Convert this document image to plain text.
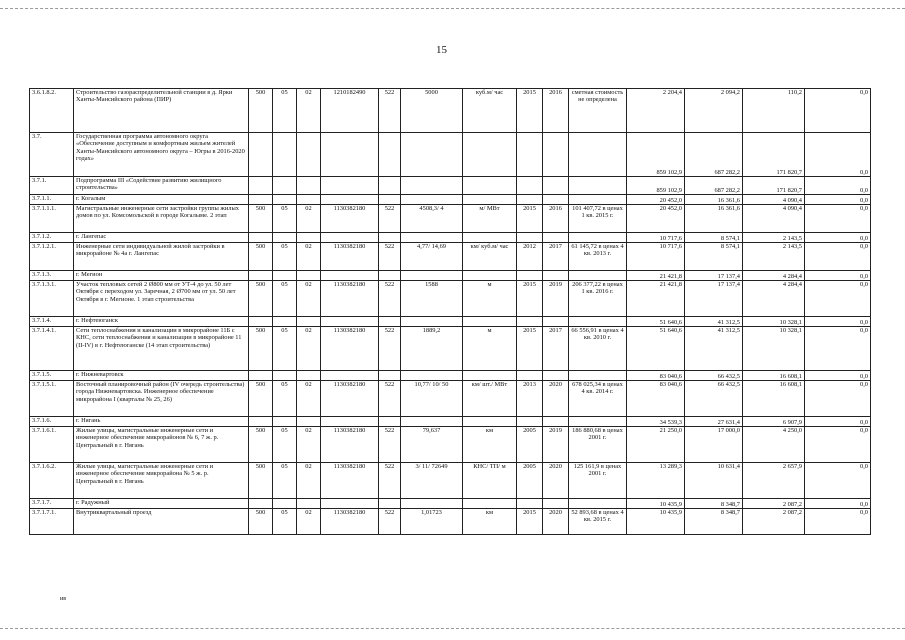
15
3.6.1.8.2.	Строительство газораспределительной станции в д. Ярки Ханты-Мансийского района (ПИР)	500	05	02	1210182490	522	5000	куб.м/ час	2015	2016	сметная стоимость не определена	2 204,4	2 094,2	110,2	0,0
3.7.	Государственная программа автономного округа «Обеспечение доступным и комфортным жильем жителей Ханты-Мансийского автономного округа – Югры в 2016-2020 годах»											859 102,9	687 282,2	171 820,7	0,0
3.7.1.	Подпрограмма III «Содействие развитию жилищного строительства»											859 102,9	687 282,2	171 820,7	0,0
3.7.1.1.	г. Когалым											20 452,0	16 361,6	4 090,4	0,0
3.7.1.1.1.	Магистральные инженерные сети застройки группы жилых домов по ул. Комсомольской в городе Когалыме. 2 этап	500	05	02	1130382180	522	4508,3/ 4	м/ МВт	2015	2016	101 407,72 в ценах 1 кв. 2015 г.	20 452,0	16 361,6	4 090,4	0,0
3.7.1.2.	г. Лангепас											10 717,6	8 574,1	2 143,5	0,0
3.7.1.2.1.	Инженерные сети индивидуальной жилой застройки в микрорайоне № 4а г. Лангепас	500	05	02	1130382180	522	4,77/ 14,69	км/ куб.м/ час	2012	2017	61 145,72 в ценах 4 кв. 2013 г.	10 717,6	8 574,1	2 143,5	0,0
3.7.1.3.	г. Мегион											21 421,8	17 137,4	4 284,4	0,0
3.7.1.3.1.	Участок тепловых сетей 2 Ø800 мм от УТ-4 до ул. 50 лет Октября с переходом ул. Заречная, 2 Ø700 мм от ул. 50 лет Октября в г. Мегионе. 1 этап строительства	500	05	02	1130382180	522	1588	м	2015	2019	206 377,22 в ценах 1 кв. 2016 г.	21 421,8	17 137,4	4 284,4	0,0
3.7.1.4.	г. Нефтеюганск											51 640,6	41 312,5	10 328,1	0,0
3.7.1.4.1.	Сети теплоснабжения и канализации в микрорайоне 11Б с КНС, сети теплоснабжения и канализации в микрорайоне 11 (II-IV) в г. Нефтеюганске (14 этап строительства)	500	05	02	1130382180	522	1889,2	м	2015	2017	66 556,91 в ценах 4 кв. 2010 г.	51 640,6	41 312,5	10 328,1	0,0
3.7.1.5.	г. Нижневартовск											83 040,6	66 432,5	16 608,1	0,0
3.7.1.5.1.	Восточный планировочный район (IV очередь строительства) города Нижневартовска. Инженерное обеспечение микрорайона I (кварталы № 25, 26)	500	05	02	1130382180	522	10,77/ 10/ 50	км/ шт./ МВт	2013	2020	678 025,34 в ценах 4 кв. 2014 г.	83 040,6	66 432,5	16 608,1	0,0
3.7.1.6.	г. Нягань											34 539,3	27 631,4	6 907,9	0,0
3.7.1.6.1.	Жилые улицы, магистральные инженерные сети и инженерное обеспечение микрорайонов № 6, 7 ж. р. Центральный в г. Нягань	500	05	02	1130382180	522	79,637	км	2005	2019	186 880,68 в ценах 2001 г.	21 250,0	17 000,0	4 250,0	0,0
3.7.1.6.2.	Жилые улицы, магистральные инженерные сети и инженерное обеспечение микрорайона № 5 ж. р. Центральный в г. Нягань	500	05	02	1130382180	522	3/ 11/ 72649	КНС/ ТП/ м	2005	2020	125 161,9 в ценах 2001 г.	13 289,3	10 631,4	2 657,9	0,0
3.7.1.7.	г. Радужный											10 435,9	8 348,7	2 087,2	0,0
3.7.1.7.1.	Внутриквартальный проезд	500	05	02	1130382180	522	1,01723	км	2015	2020	52 893,68 в ценах 4 кв. 2015 г.	10 435,9	8 348,7	2 087,2	0,0
ив
